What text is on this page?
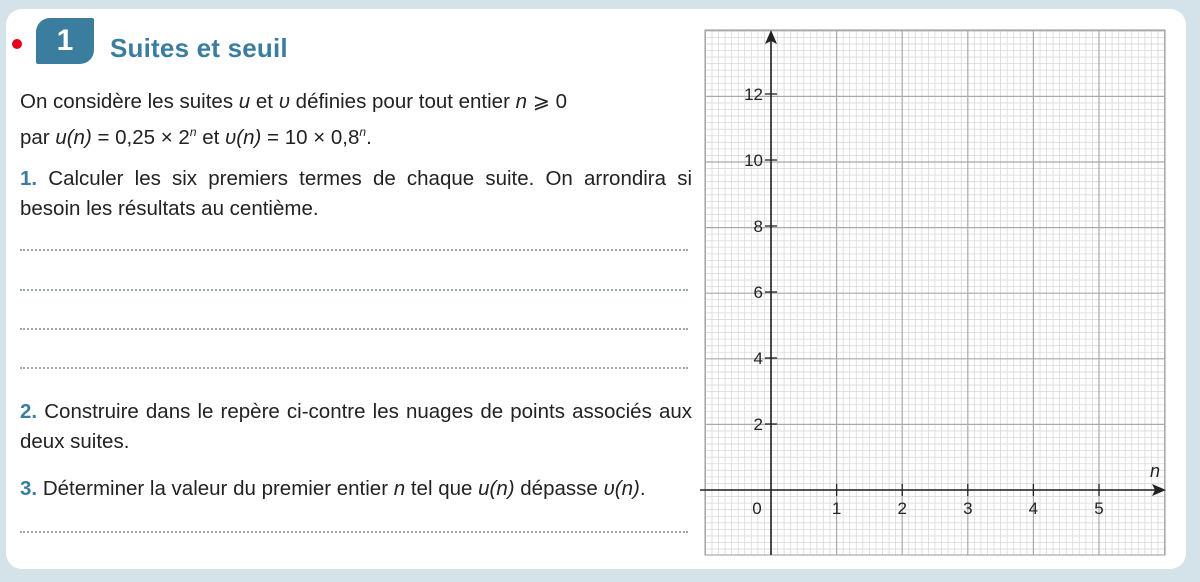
1	Suites et seuil
On considère les suites u et υ définies pour tout entier n ⩾ 0
par $u(n) = 0,25 \times 2^n$ et $\upsilon(n) = 10 \times 0,8^n$.
1. Calculer les six premiers termes de chaque suite. On arrondira si besoin les résultats au centième.
2. Construire dans le repère ci-contre les nuages de points associés aux deux suites.
3. Déterminer la valeur du premier entier n tel que u(n) dépasse υ(n).
0	1	2	3	4	5
2
4
6
8
10
12
n
